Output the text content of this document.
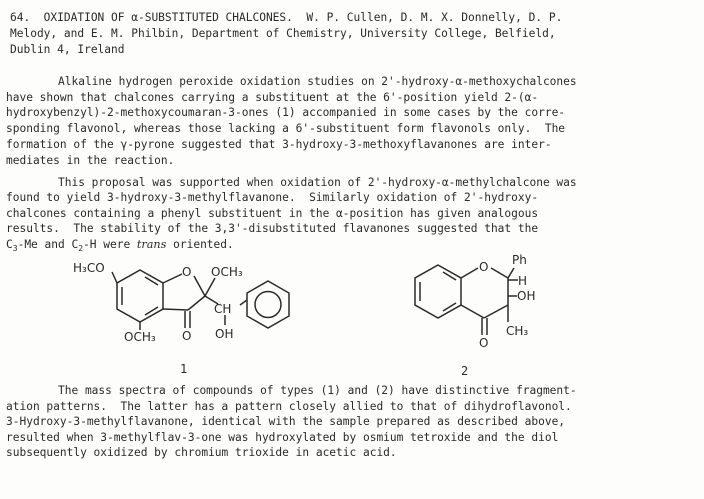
64.  OXIDATION OF α-SUBSTITUTED CHALCONES.  W. P. Cullen, D. M. X. Donnelly, D. P.
Melody, and E. M. Philbin, Department of Chemistry, University College, Belfield,
Dublin 4, Ireland
Alkaline hydrogen peroxide oxidation studies on 2'-hydroxy-α-methoxychalcones
have shown that chalcones carrying a substituent at the 6'-position yield 2-(α-
hydroxybenzyl)-2-methoxycoumaran-3-ones (1) accompanied in some cases by the corre-
sponding flavonol, whereas those lacking a 6'-substituent form flavonols only.  The
formation of the γ-pyrone suggested that 3-hydroxy-3-methoxyflavanones are inter-
mediates in the reaction.
This proposal was supported when oxidation of 2'-hydroxy-α-methylchalcone was
found to yield 3-hydroxy-3-methylflavanone.  Similarly oxidation of 2'-hydroxy-
chalcones containing a phenyl substituent in the α-position has given analogous
results.  The stability of the 3,3'-disubstituted flavanones suggested that the
$C_3-Me$ and $C_2-H$ were trans oriented.
H₃CO	O OCH₃
OCH₃ O
CH
OH
O Ph
H
OH
O
CH₃
1	2
The mass spectra of compounds of types (1) and (2) have distinctive fragment-
ation patterns.  The latter has a pattern closely allied to that of dihydroflavonol.
3-Hydroxy-3-methylflavanone, identical with the sample prepared as described above,
resulted when 3-methylflav-3-one was hydroxylated by osmium tetroxide and the diol
subsequently oxidized by chromium trioxide in acetic acid.
